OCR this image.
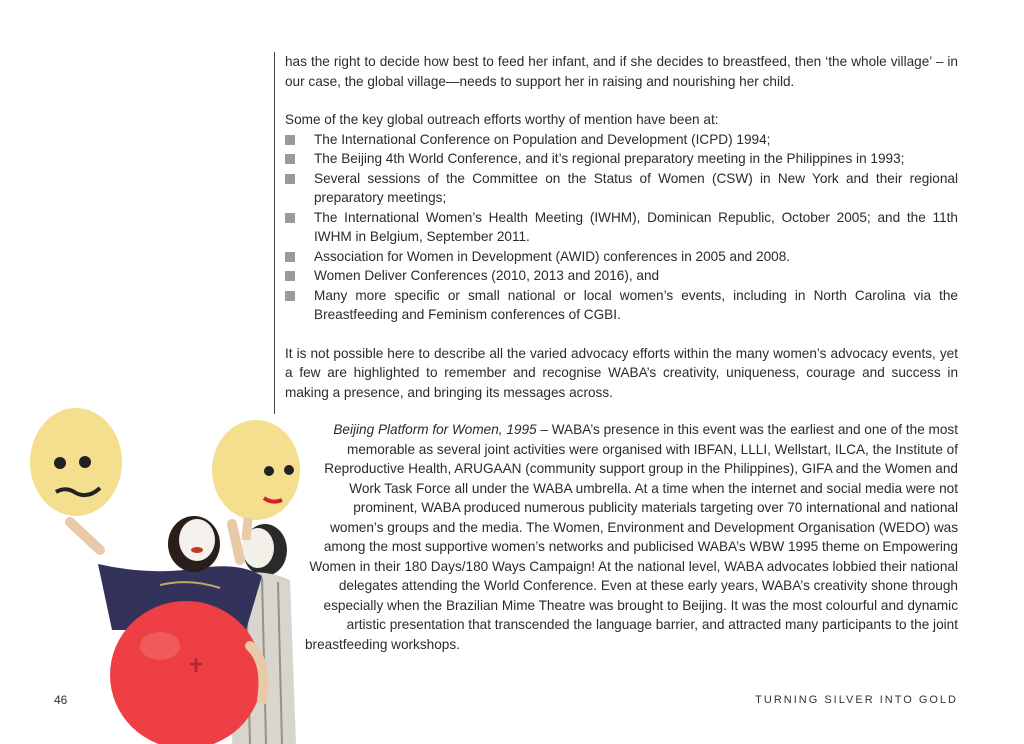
has the right to decide how best to feed her infant, and if she decides to breastfeed, then ‘the whole village’ – in our case, the global village—needs to support her in raising and nourishing her child.

Some of the key global outreach efforts worthy of mention have been at:

The International Conference on Population and Development (ICPD) 1994;
The Beijing 4th World Conference, and it’s regional preparatory meeting in the Philippines in 1993;
Several sessions of the Committee on the Status of Women (CSW) in New York and their regional preparatory meetings;
The International Women’s Health Meeting (IWHM), Dominican Republic, October 2005; and the 11th IWHM in Belgium, September 2011.
Association for Women in Development (AWID) conferences in 2005 and 2008.
Women Deliver Conferences (2010, 2013 and 2016), and
Many more specific or small national or local women’s events, including in North Carolina via the Breastfeeding and Feminism conferences of CGBI.

It is not possible here to describe all the varied advocacy efforts within the many women’s advocacy events, yet a few are highlighted to remember and recognise WABA’s creativity, uniqueness, courage and success in making a presence, and bringing its messages across.

Beijing Platform for Women, 1995 – WABA’s presence in this event was the earliest and one of the most
memorable as several joint activities were organised with IBFAN, LLLI, Wellstart, ILCA, the Institute of
Reproductive Health, ARUGAAN (community support group in the Philippines), GIFA and the Women and
Work Task Force all under the WABA umbrella. At a time when the internet and social media were not
prominent, WABA produced numerous publicity materials targeting over 70 international and national
women’s groups and the media. The Women, Environment and Development Organisation (WEDO) was
among the most supportive women’s networks and publicised WABA’s WBW 1995 theme on Empowering
Women in their 180 Days/180 Ways Campaign! At the national level, WABA advocates lobbied their national
delegates attending the World Conference. Even at these early years, WABA’s creativity shone through
especially when the Brazilian Mime Theatre was brought to Beijing. It was the most colourful and dynamic
artistic presentation that transcended the language barrier, and attracted many participants to the joint
breastfeeding workshops.
46	TURNING SILVER INTO GOLD
